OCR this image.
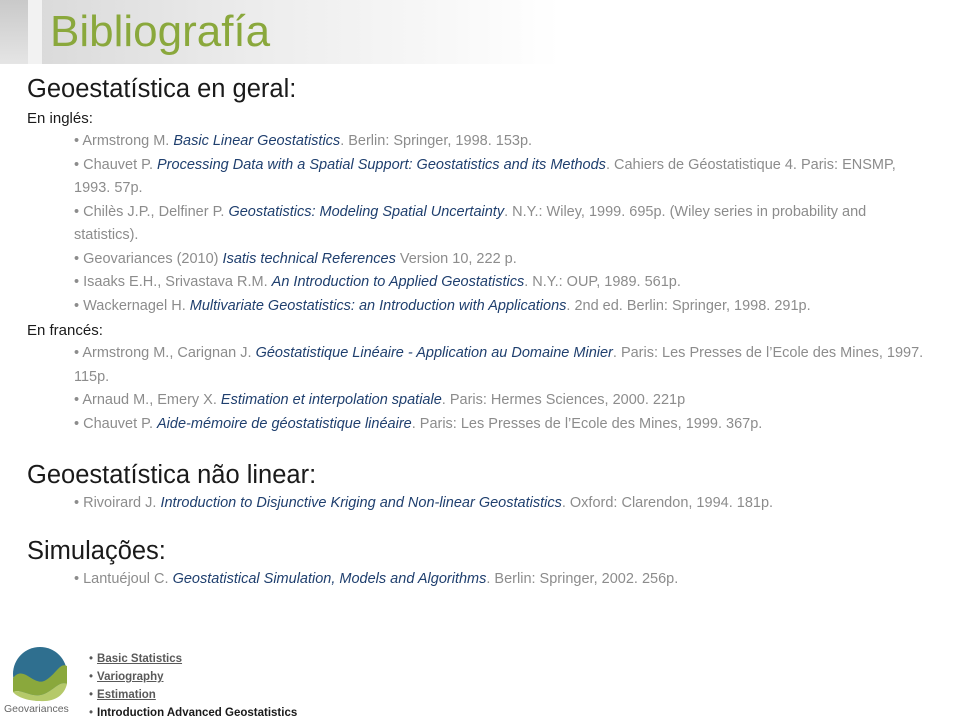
Bibliografía
Geoestatística en geral:
En inglés:
• Armstrong M. Basic Linear Geostatistics. Berlin: Springer, 1998. 153p.
• Chauvet P. Processing Data with a Spatial Support: Geostatistics and its Methods. Cahiers de Géostatistique 4. Paris: ENSMP, 1993. 57p.
• Chilès J.P., Delfiner P. Geostatistics: Modeling Spatial Uncertainty. N.Y.: Wiley, 1999. 695p. (Wiley series in probability and statistics).
• Geovariances (2010) Isatis technical References Version 10, 222 p.
• Isaaks E.H., Srivastava R.M. An Introduction to Applied Geostatistics. N.Y.: OUP, 1989. 561p.
• Wackernagel H. Multivariate Geostatistics: an Introduction with Applications. 2nd ed. Berlin: Springer, 1998. 291p.
En francés:
• Armstrong M., Carignan J. Géostatistique Linéaire - Application au Domaine Minier. Paris: Les Presses de l’Ecole des Mines, 1997. 115p.
• Arnaud M., Emery X. Estimation et interpolation spatiale. Paris: Hermes Sciences, 2000. 221p
• Chauvet P. Aide-mémoire de géostatistique linéaire. Paris: Les Presses de l’Ecole des Mines, 1999. 367p.
Geoestatística não linear:
• Rivoirard J. Introduction to Disjunctive Kriging and Non-linear Geostatistics. Oxford: Clarendon, 1994. 181p.
Simulações:
• Lantuéjoul C. Geostatistical Simulation, Models and Algorithms. Berlin: Springer, 2002. 256p.
Geovariances
• Basic Statistics
• Variography
• Estimation
• Introduction Advanced Geostatistics
